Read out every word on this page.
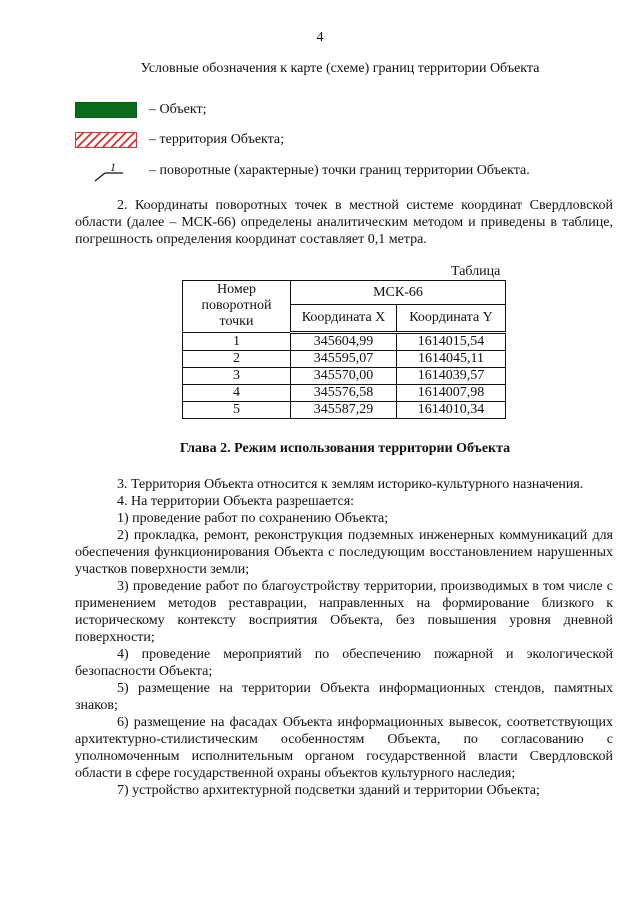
4
Условные обозначения к карте (схеме) границ территории Объекта
– Объект;
– территория Объекта;
1 – поворотные (характерные) точки границ территории Объекта.

2. Координаты поворотных точек в местной системе координат Свердловской области (далее – МСК-66) определены аналитическим методом и приведены в таблице, погрешность определения координат составляет 0,1 метра.

Таблица
Номер поворотной точки	МСК-66	
	Координата X	Координата Y
1	345604,99	1614015,54
2	345595,07	1614045,11
3	345570,00	1614039,57
4	345576,58	1614007,98
5	345587,29	1614010,34
Глава 2. Режим использования территории Объекта

3. Территория Объекта относится к землям историко-культурного назначения.

4. На территории Объекта разрешается:

1) проведение работ по сохранению Объекта;

2) прокладка, ремонт, реконструкция подземных инженерных коммуникаций для обеспечения функционирования Объекта с последующим восстановлением нарушенных участков поверхности земли;

3) проведение работ по благоустройству территории, производимых в том числе с применением методов реставрации, направленных на формирование близкого к историческому контексту восприятия Объекта, без повышения уровня дневной поверхности;

4) проведение мероприятий по обеспечению пожарной и экологической безопасности Объекта;

5) размещение на территории Объекта информационных стендов, памятных знаков;

6) размещение на фасадах Объекта информационных вывесок, соответствующих архитектурно-стилистическим особенностям Объекта, по согласованию с уполномоченным исполнительным органом государственной власти Свердловской области в сфере государственной охраны объектов культурного наследия;

7) устройство архитектурной подсветки зданий и территории Объекта;
